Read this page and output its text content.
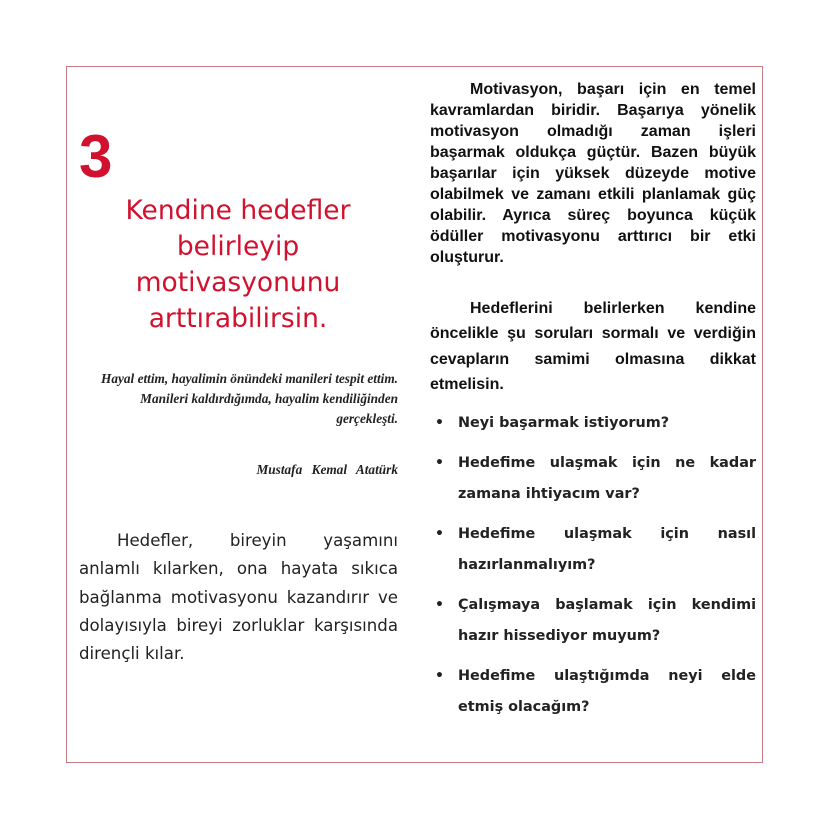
3
Kendine hedefler belirleyip motivasyonunu arttırabilirsin.

Hayal ettim, hayalimin önündeki manileri tespit ettim. Manileri kaldırdığımda, hayalim kendiliğinden gerçekleşti.

Mustafa Kemal Atatürk

Hedefler, bireyin yaşamını anlamlı kılarken, ona hayata sıkıca bağlanma motivasyonu kazandırır ve dolayısıyla bireyi zorluklar karşısında dirençli kılar.

Motivasyon, başarı için en temel kavramlardan biridir. Başarıya yönelik motivasyon olmadığı zaman işleri başarmak oldukça güçtür. Bazen büyük başarılar için yüksek düzeyde motive olabilmek ve zamanı etkili planlamak güç olabilir. Ayrıca süreç boyunca küçük ödüller motivasyonu arttırıcı bir etki oluşturur.

Hedeflerini belirlerken kendine öncelikle şu soruları sormalı ve verdiğin cevapların samimi olmasına dikkat etmelisin.

• Neyi başarmak istiyorum?
• Hedefime ulaşmak için ne kadar zamana ihtiyacım var?
• Hedefime ulaşmak için nasıl hazırlanmalıyım?
• Çalışmaya başlamak için kendimi hazır hissediyor muyum?
• Hedefime ulaştığımda neyi elde etmiş olacağım?
